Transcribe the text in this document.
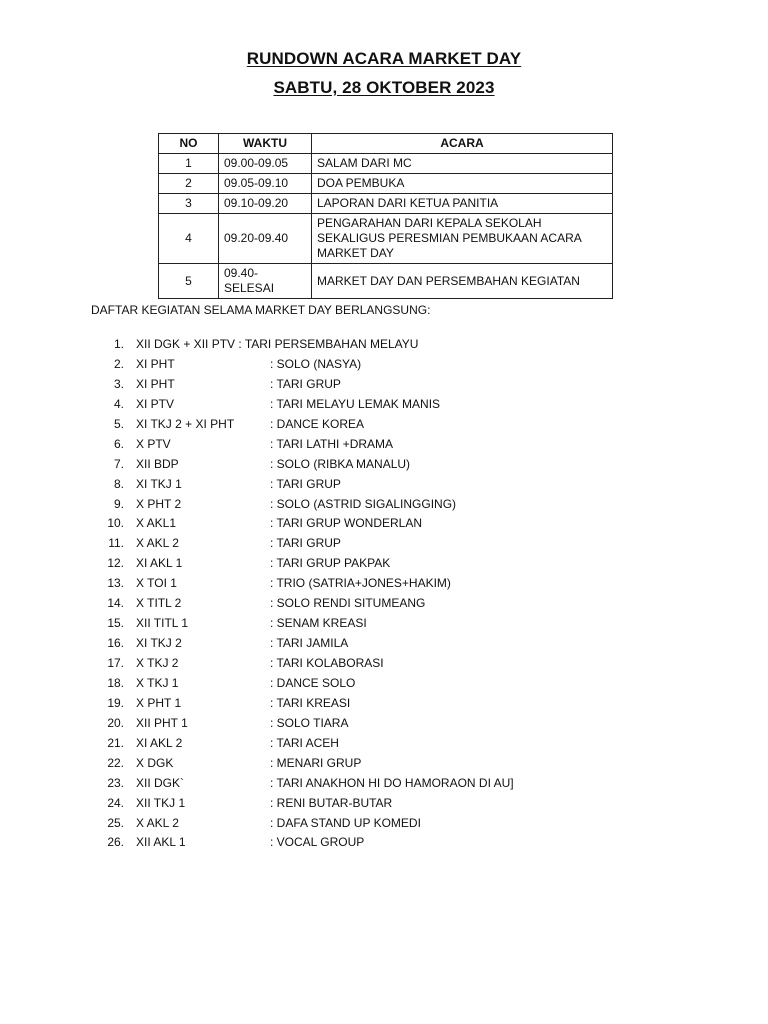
RUNDOWN ACARA MARKET DAY
SABTU, 28 OKTOBER 2023
NO	WAKTU	ACARA
1	09.00-09.05	SALAM DARI MC
2	09.05-09.10	DOA PEMBUKA
3	09.10-09.20	LAPORAN DARI KETUA PANITIA
4	09.20-09.40	PENGARAHAN DARI KEPALA SEKOLAH SEKALIGUS PERESMIAN PEMBUKAAN ACARA MARKET DAY
5	09.40-SELESAI	MARKET DAY DAN PERSEMBAHAN KEGIATAN
DAFTAR KEGIATAN SELAMA MARKET DAY BERLANGSUNG:
1. XII DGK + XII PTV : TARI PERSEMBAHAN MELAYU
2. XI PHT	: SOLO (NASYA)
3. XI PHT	: TARI GRUP
4. XI PTV	: TARI MELAYU LEMAK MANIS
5. XI TKJ 2 + XI PHT	: DANCE KOREA
6. X PTV	: TARI LATHI +DRAMA
7. XII BDP	: SOLO (RIBKA MANALU)
8. XI TKJ 1	: TARI GRUP
9. X PHT 2	: SOLO (ASTRID SIGALINGGING)
10. X AKL1	: TARI GRUP WONDERLAN
11. X AKL 2	: TARI GRUP
12. XI AKL 1	: TARI GRUP PAKPAK
13. X TOI 1	: TRIO (SATRIA+JONES+HAKIM)
14. X TITL 2	: SOLO RENDI SITUMEANG
15. XII TITL 1	: SENAM KREASI
16. XI TKJ 2	: TARI JAMILA
17. X TKJ 2	: TARI KOLABORASI
18. X TKJ 1	: DANCE SOLO
19. X PHT 1	: TARI KREASI
20. XII PHT 1	: SOLO TIARA
21. XI AKL 2	: TARI ACEH
22. X DGK	: MENARI GRUP
23. XII DGK`	: TARI ANAKHON HI DO HAMORAON DI AU]
24. XII TKJ 1	: RENI BUTAR-BUTAR
25. X AKL 2	: DAFA STAND UP KOMEDI
26. XII AKL 1	: VOCAL GROUP
